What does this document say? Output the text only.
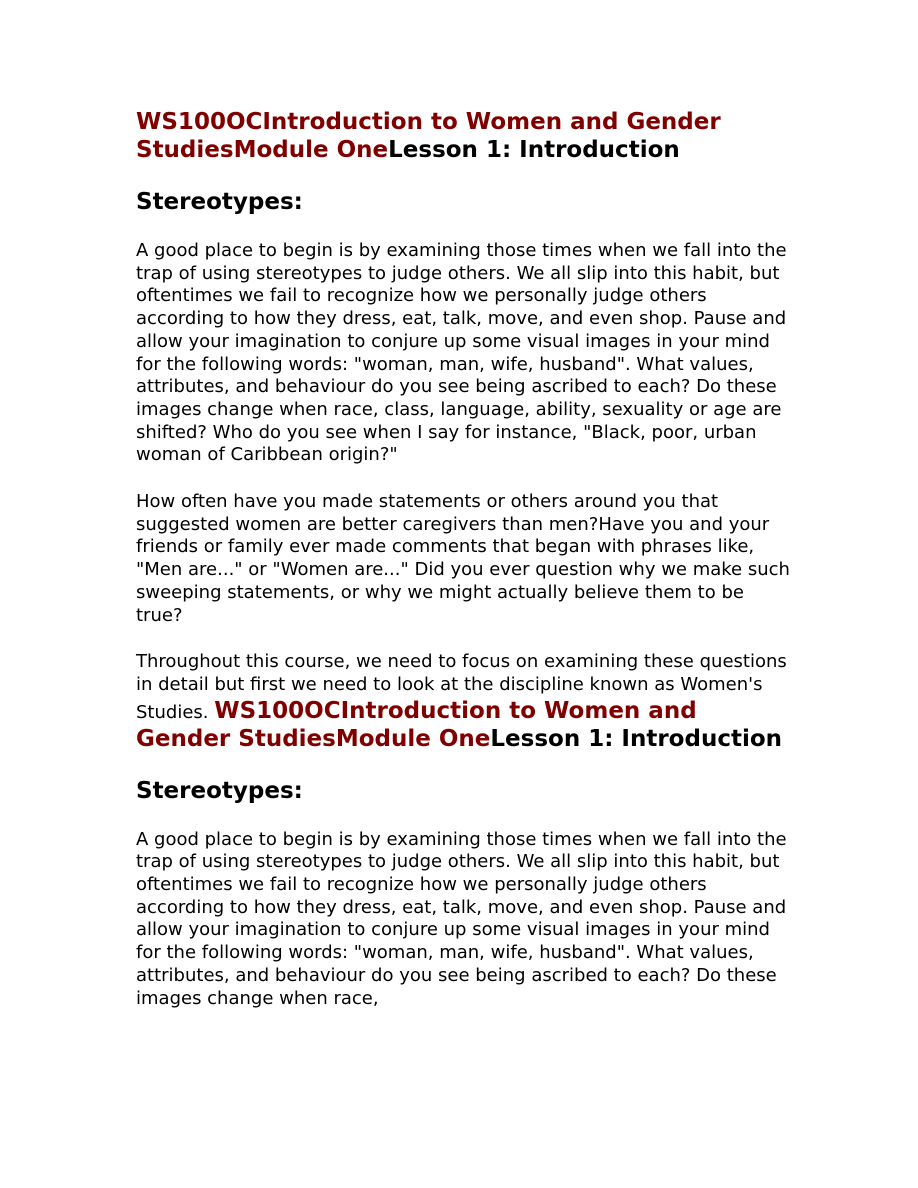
WS100OCIntroduction to Women and Gender StudiesModule OneLesson 1: Introduction
Stereotypes:

A good place to begin is by examining those times when we fall into the trap of using stereotypes to judge others. We all slip into this habit, but oftentimes we fail to recognize how we personally judge others according to how they dress, eat, talk, move, and even shop. Pause and allow your imagination to conjure up some visual images in your mind for the following words: "woman, man, wife, husband". What values, attributes, and behaviour do you see being ascribed to each? Do these images change when race, class, language, ability, sexuality or age are shifted? Who do you see when I say for instance, "Black, poor, urban woman of Caribbean origin?"

How often have you made statements or others around you that suggested women are better caregivers than men?Have you and your friends or family ever made comments that began with phrases like, "Men are..." or "Women are..." Did you ever question why we make such sweeping statements, or why we might actually believe them to be true?

Throughout this course, we need to focus on examining these questions in detail but first we need to look at the discipline known as Women's Studies. WS100OCIntroduction to Women and Gender StudiesModule OneLesson 1: Introduction

Stereotypes:

A good place to begin is by examining those times when we fall into the trap of using stereotypes to judge others. We all slip into this habit, but oftentimes we fail to recognize how we personally judge others according to how they dress, eat, talk, move, and even shop. Pause and allow your imagination to conjure up some visual images in your mind for the following words: "woman, man, wife, husband". What values, attributes, and behaviour do you see being ascribed to each? Do these images change when race,
